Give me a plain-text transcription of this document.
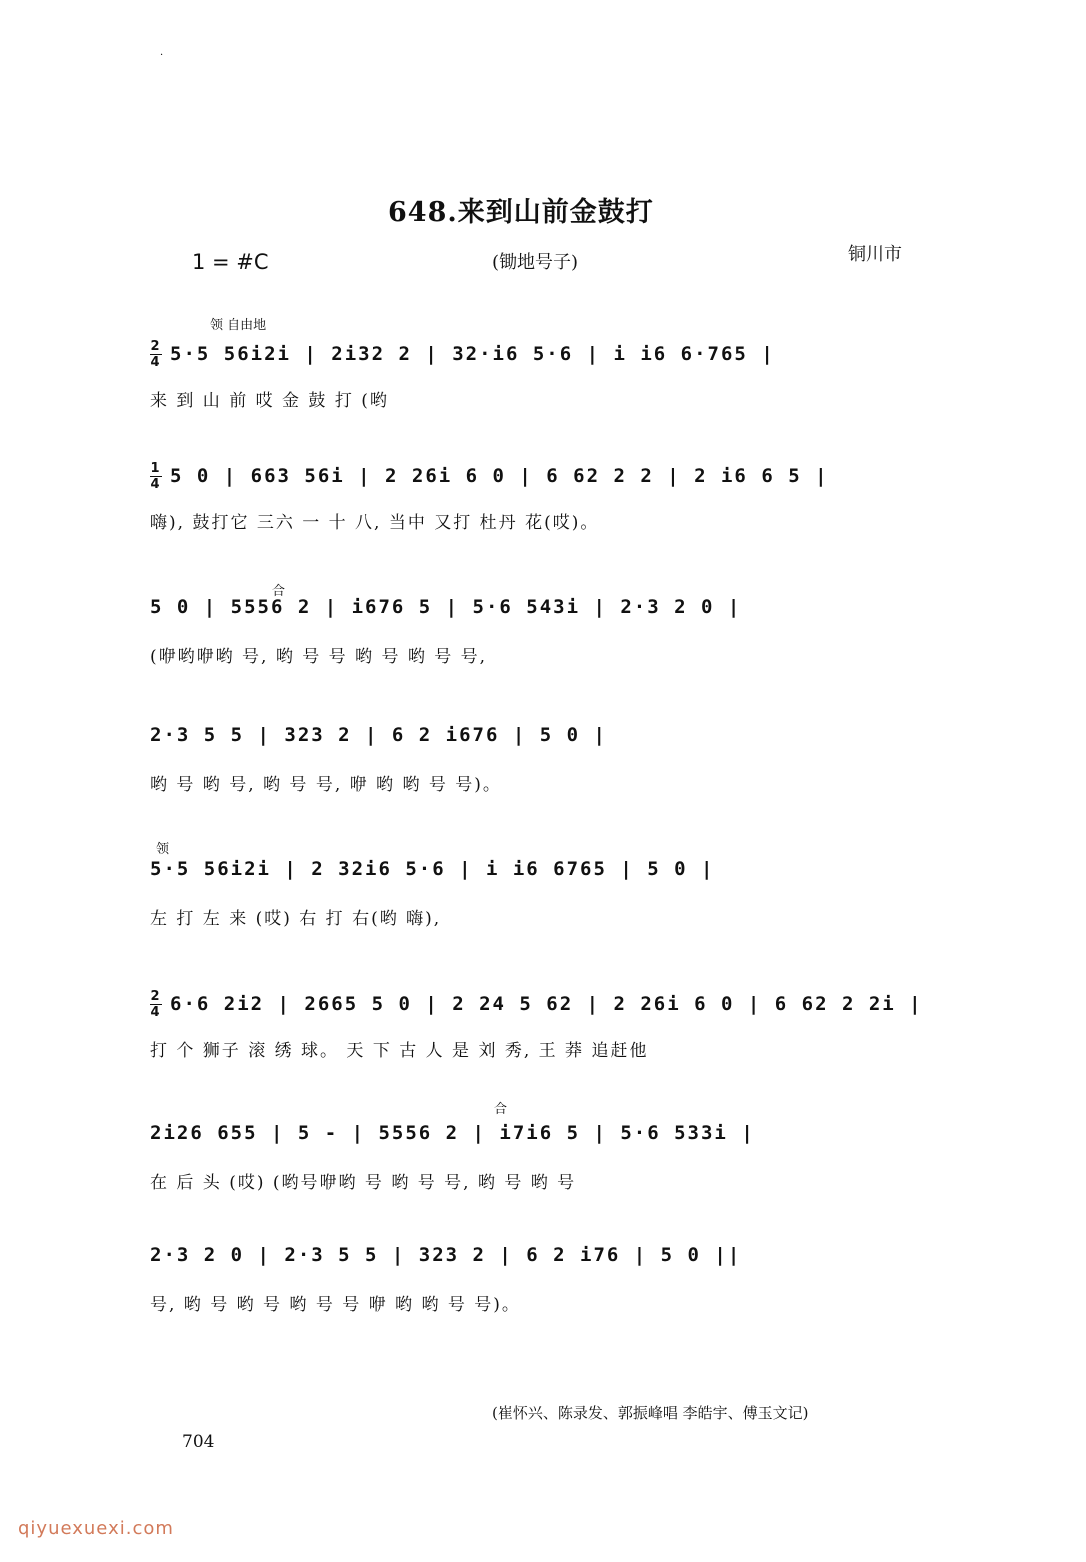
·
648.来到山前金鼓打
1 = #C	(锄地号子)	铜川市
领 自由地
$\frac{2}{4} 5\cdot 5$ 56i2i | 2i32 2 | 32·i6 5·6 | i i6 6·765 |
来 到 山 前 哎 金 鼓 打 (哟
$\frac{1}{4} 5$ 0 | 663 56i | 2 26i 6 0 | 6 62 2 2 | 2 i6 6 5 |
嗨), 鼓打它 三六 一 十 八, 当中 又打 杜丹 花(哎)。
合
5 0 | 5556 2 | i676 5 | 5·6 543i | 2·3 2 0 |
(咿哟咿哟 号, 哟 号 号 哟 号 哟 号 号,
2·3 5 5 | 323 2 | 6 2 i676 | 5 0 |
哟 号 哟 号, 哟 号 号, 咿 哟 哟 号 号)。
领
5·5 56i2i | 2 32i6 5·6 | i i6 6765 | 5 0 |
左 打 左 来 (哎) 右 打 右(哟 嗨),
$\frac{2}{4} 6\cdot 6$ 2i2 | 2665 5 0 | 2 24 5 62 | 2 26i 6 0 | 6 62 2 2i |
打 个 狮子 滚 绣 球。 天 下 古 人 是 刘 秀, 王 莽 追赶他
合
2i26 655 | 5 - | 5556 2 | i7i6 5 | 5·6 533i |
在 后 头 (哎) (哟号咿哟 号 哟 号 号, 哟 号 哟 号
2·3 2 0 | 2·3 5 5 | 323 2 | 6 2 i76 | 5 0 ||
号, 哟 号 哟 号 哟 号 号 咿 哟 哟 号 号)。
(崔怀兴、陈录发、郭振峰唱 李皓宇、傅玉文记)
704
qiyuexuexi.com
